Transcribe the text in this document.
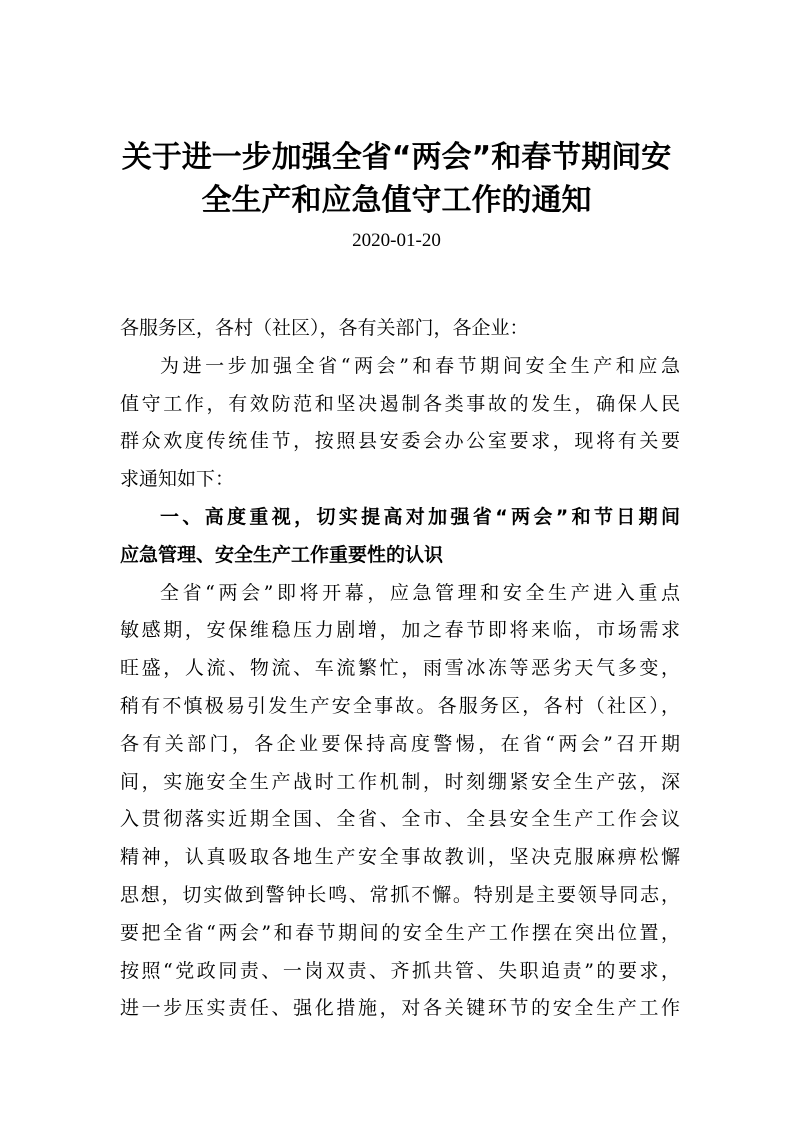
关于进一步加强全省“两会”和春节期间安
全生产和应急值守工作的通知
2020-01-20
各服务区，各村（社区），各有关部门，各企业：
为进一步加强全省“两会”和春节期间安全生产和应急
值守工作，有效防范和坚决遏制各类事故的发生，确保人民
群众欢度传统佳节，按照县安委会办公室要求，现将有关要
求通知如下：
一、高度重视，切实提高对加强省“两会”和节日期间
应急管理、安全生产工作重要性的认识
全省“两会”即将开幕，应急管理和安全生产进入重点
敏感期，安保维稳压力剧增，加之春节即将来临，市场需求
旺盛，人流、物流、车流繁忙，雨雪冰冻等恶劣天气多变，
稍有不慎极易引发生产安全事故。各服务区，各村（社区），
各有关部门，各企业要保持高度警惕，在省“两会”召开期
间，实施安全生产战时工作机制，时刻绷紧安全生产弦，深
入贯彻落实近期全国、全省、全市、全县安全生产工作会议
精神，认真吸取各地生产安全事故教训，坚决克服麻痹松懈
思想，切实做到警钟长鸣、常抓不懈。特别是主要领导同志，
要把全省“两会”和春节期间的安全生产工作摆在突出位置，
按照“党政同责、一岗双责、齐抓共管、失职追责”的要求，
进一步压实责任、强化措施，对各关键环节的安全生产工作
